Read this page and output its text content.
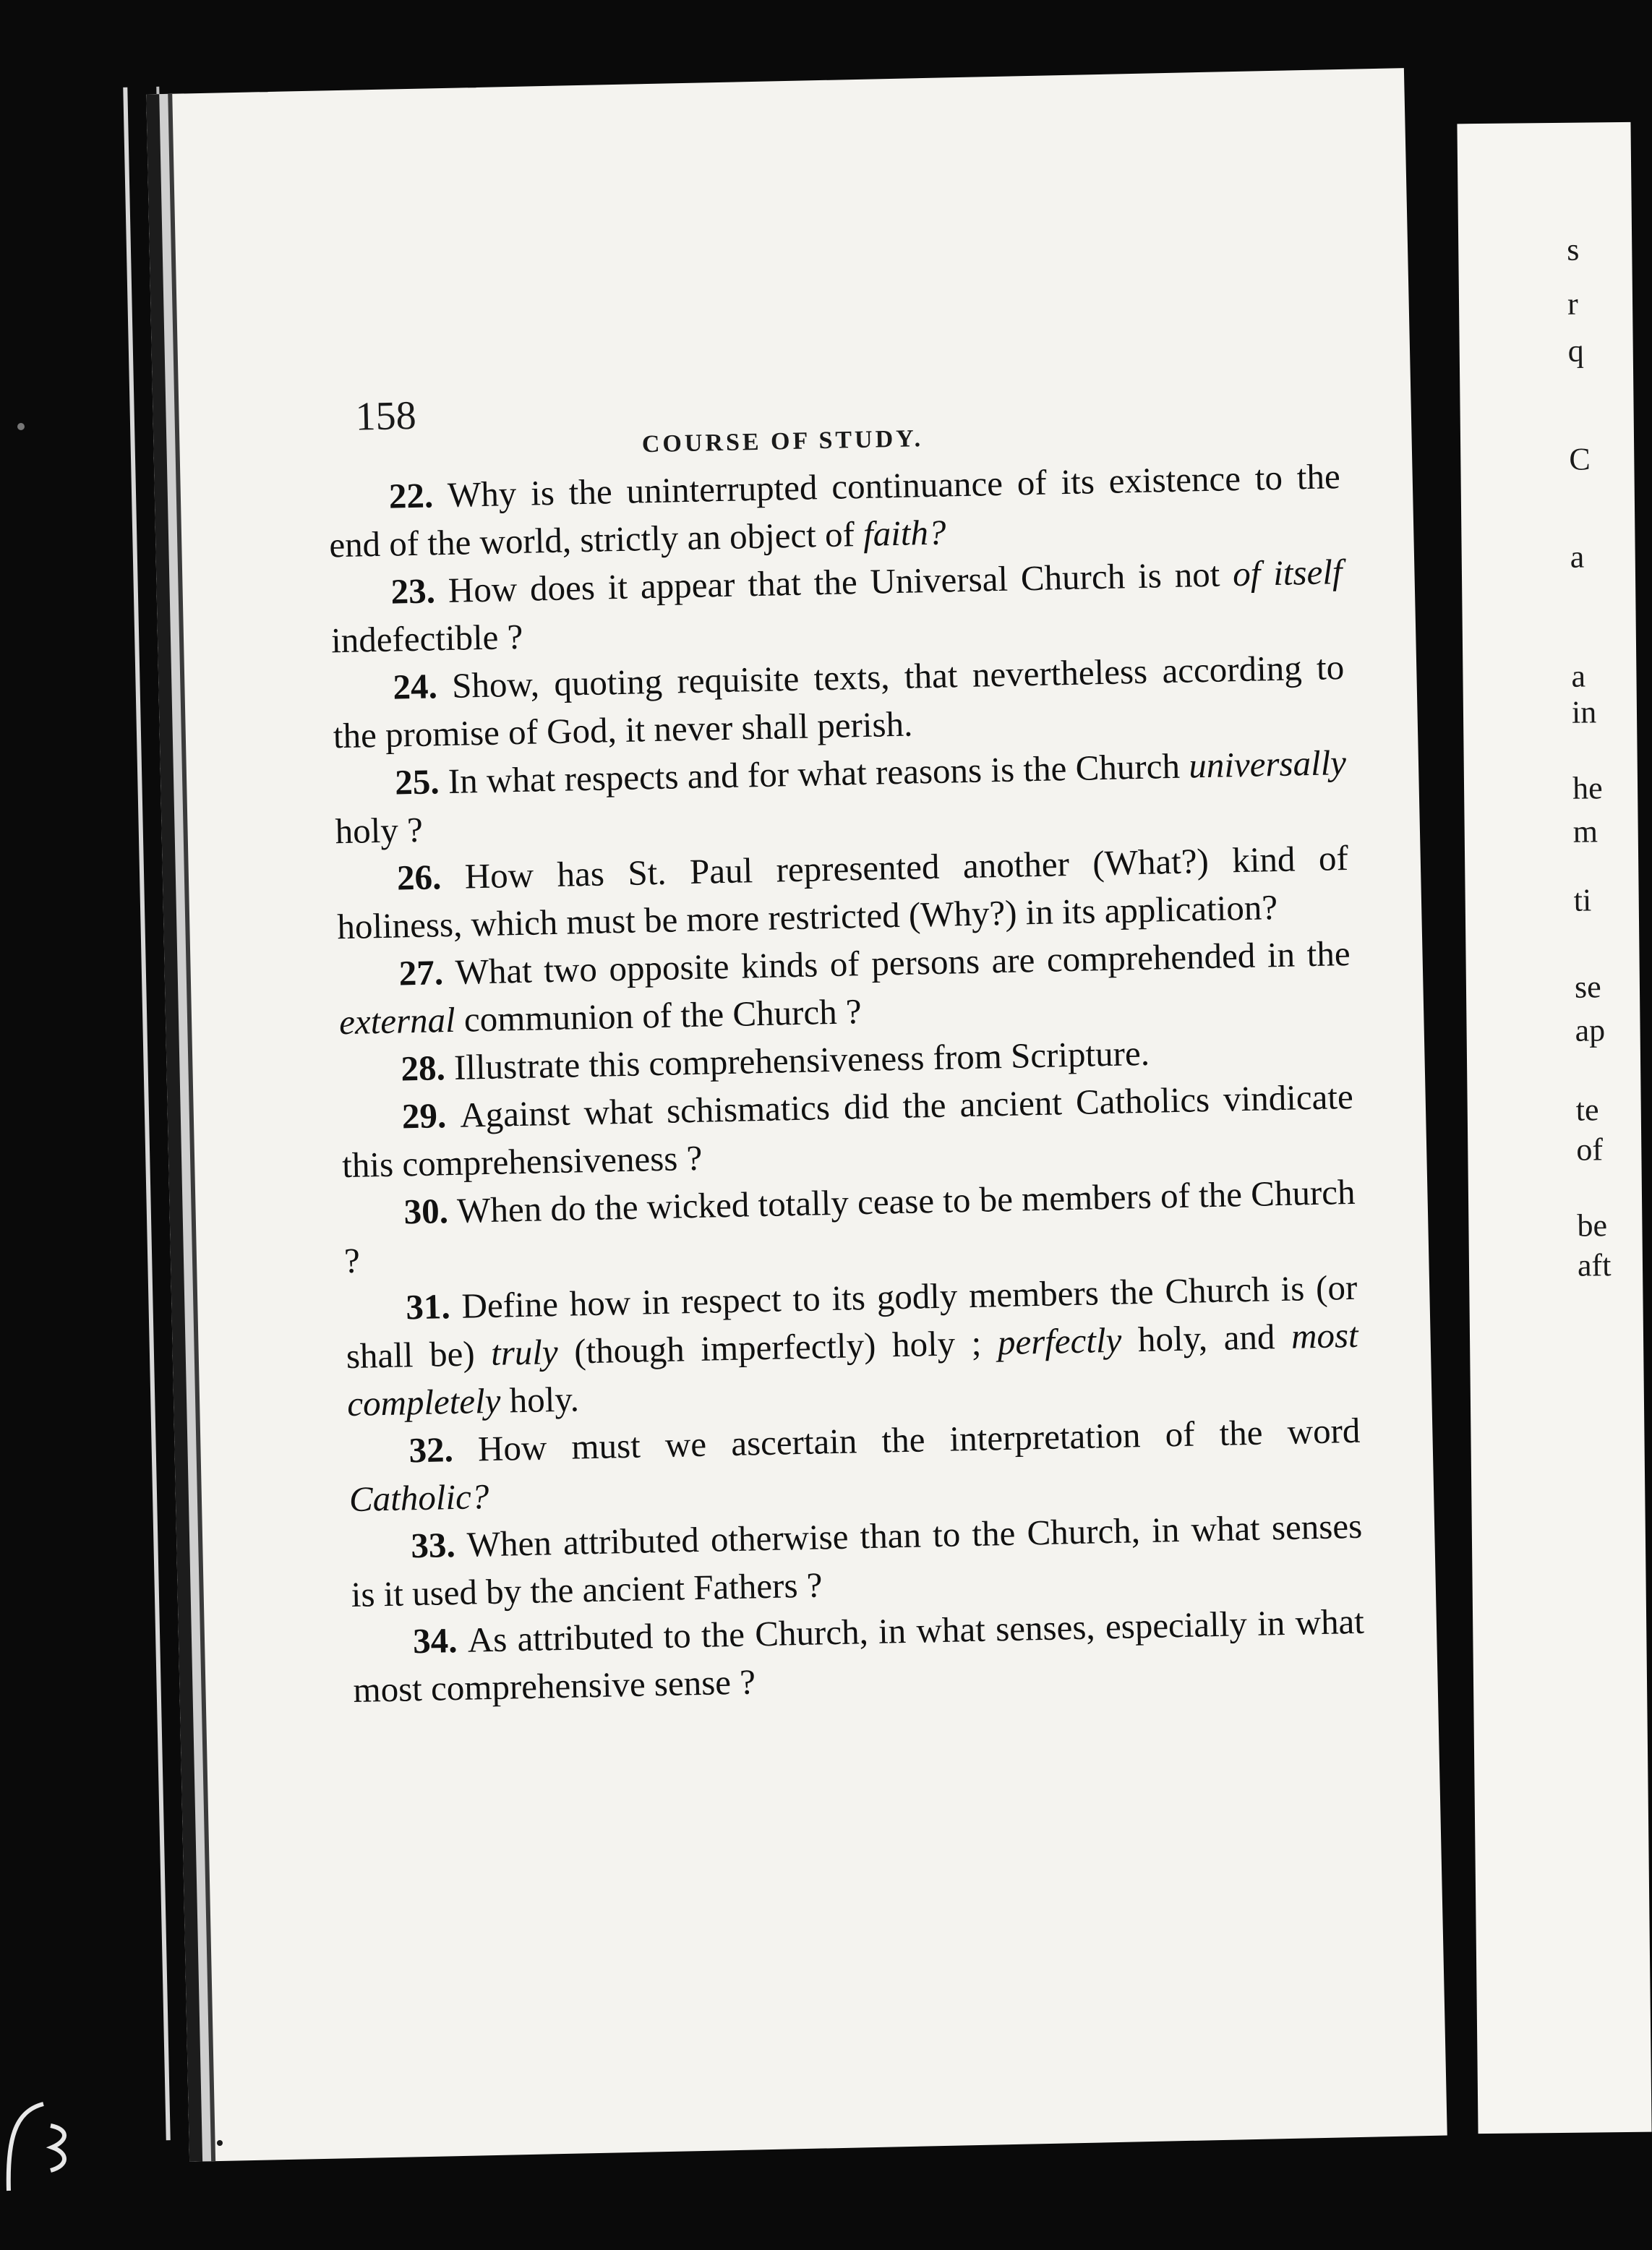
158
COURSE OF STUDY.

22. Why is the uninterrupted continuance of its existence to the end of the world, strictly an object of faith?

23. How does it appear that the Universal Church is not of itself indefectible ?

24. Show, quoting requisite texts, that nevertheless according to the promise of God, it never shall perish.

25. In what respects and for what reasons is the Church universally holy ?

26. How has St. Paul represented another (What?) kind of holiness, which must be more restricted (Why?) in its application?

27. What two opposite kinds of persons are comprehended in the external communion of the Church ?

28. Illustrate this comprehensiveness from Scripture.

29. Against what schismatics did the ancient Catholics vindicate this comprehensiveness ?

30. When do the wicked totally cease to be members of the Church ?

31. Define how in respect to its godly members the Church is (or shall be) truly (though imperfectly) holy ; perfectly holy, and most completely holy.

32. How must we ascertain the interpretation of the word Catholic?

33. When attributed otherwise than to the Church, in what senses is it used by the ancient Fathers ?

34. As attributed to the Church, in what senses, especially in what most comprehensive sense ?

s
r
q
C
a
a
in
he
m
ti
se
ap
te
of
be
aft
